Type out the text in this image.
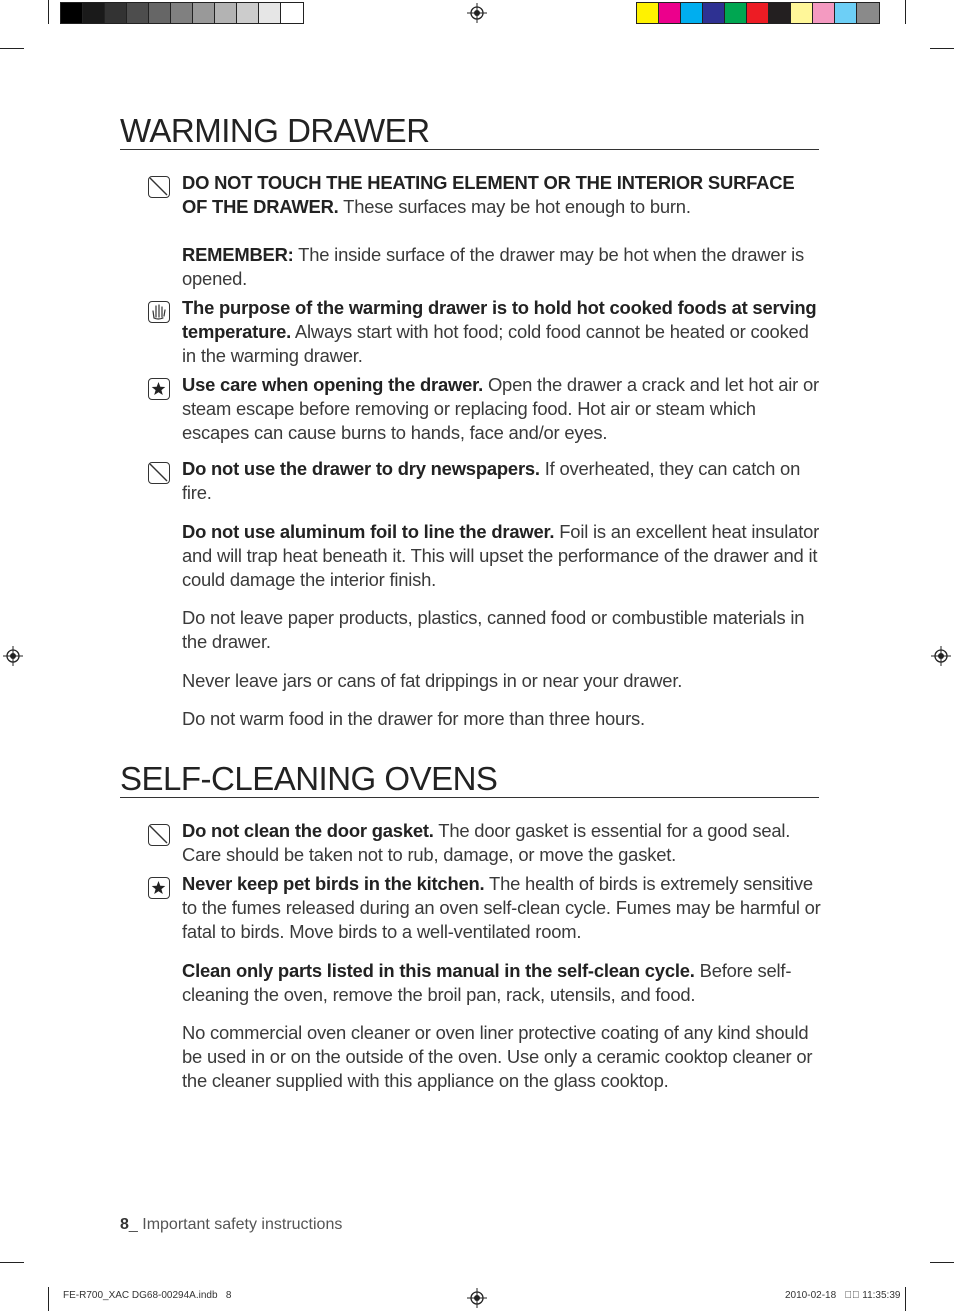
WARMING DRAWER

DO NOT TOUCH THE HEATING ELEMENT OR THE INTERIOR SURFACE OF THE DRAWER. These surfaces may be hot enough to burn.

REMEMBER: The inside surface of the drawer may be hot when the drawer is opened.

The purpose of the warming drawer is to hold hot cooked foods at serving temperature. Always start with hot food; cold food cannot be heated or cooked in the warming drawer.

Use care when opening the drawer. Open the drawer a crack and let hot air or steam escape before removing or replacing food. Hot air or steam which escapes can cause burns to hands, face and/or eyes.

Do not use the drawer to dry newspapers. If overheated, they can catch on fire.

Do not use aluminum foil to line the drawer. Foil is an excellent heat insulator and will trap heat beneath it. This will upset the performance of the drawer and it could damage the interior finish.

Do not leave paper products, plastics, canned food or combustible materials in the drawer.

Never leave jars or cans of fat drippings in or near your drawer.

Do not warm food in the drawer for more than three hours.

SELF-CLEANING OVENS

Do not clean the door gasket. The door gasket is essential for a good seal. Care should be taken not to rub, damage, or move the gasket.

Never keep pet birds in the kitchen. The health of birds is extremely sensitive to the fumes released during an oven self-clean cycle. Fumes may be harmful or fatal to birds. Move birds to a well-ventilated room.

Clean only parts listed in this manual in the self-clean cycle. Before self-cleaning the oven, remove the broil pan, rack, utensils, and food.

No commercial oven cleaner or oven liner protective coating of any kind should be used in or on the outside of the oven. Use only a ceramic cooktop cleaner or the cleaner supplied with this appliance on the glass cooktop.

8_ Important safety instructions
FE-R700_XAC DG68-00294A.indb   8	2010-02-18   ￿￿ 11:35:39
